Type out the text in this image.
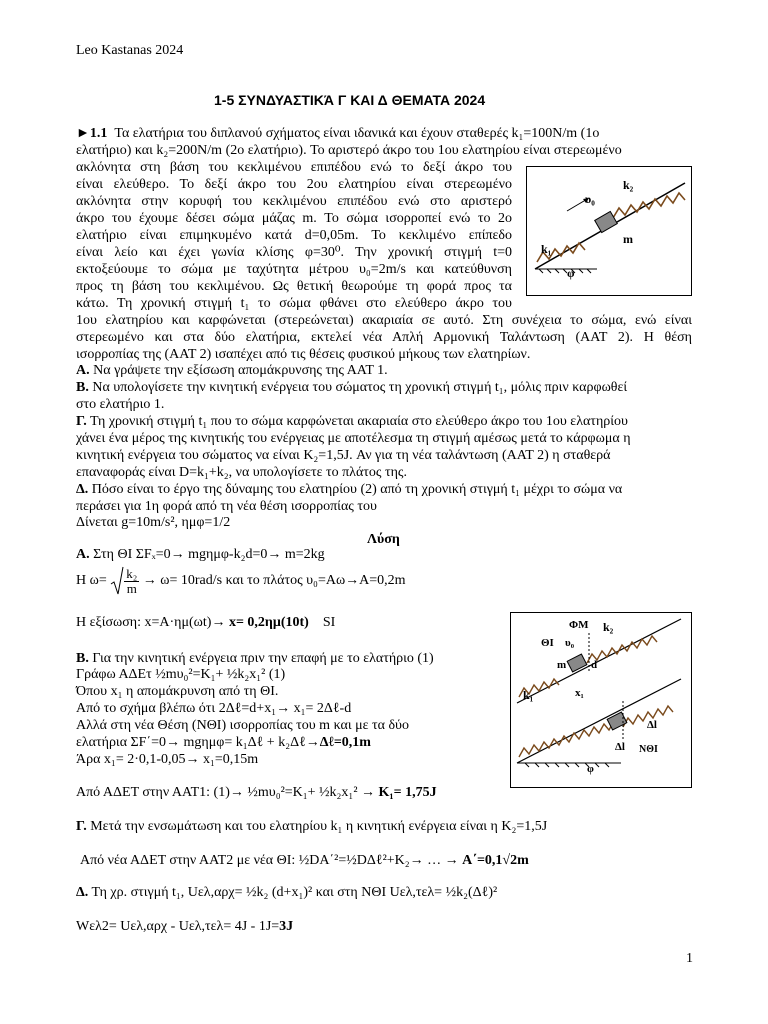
Leo Kastanas 2024
1-5 ΣΥΝΔΥΑΣΤΙΚΆ Γ ΚΑΙ Δ ΘΕΜΑΤΑ 2024
►1.1 Τα ελατήρια του διπλανού σχήματος είναι ιδανικά και έχουν σταθερές k₁=100N/m (1ο
ελατήριο) και k₂=200N/m (2ο ελατήριο). Το αριστερό άκρο του 1ου ελατηρίου είναι στερεωμένο
ακλόνητα στη βάση του κεκλιμένου επιπέδου ενώ το δεξί άκρο του
είναι ελεύθερο. Το δεξί άκρο του 2ου ελατηρίου είναι στερεωμένο
ακλόνητα στην κορυφή του κεκλιμένου επιπέδου ενώ στο αριστερό
άκρο του έχουμε δέσει σώμα μάζας m. Το σώμα ισορροπεί ενώ το 2ο
ελατήριο είναι επιμηκυμένο κατά d=0,05m. Το κεκλιμένο επίπεδο
είναι λείο και έχει γωνία κλίσης φ=30⁰. Την χρονική στιγμή t=0
εκτοξεύουμε το σώμα με ταχύτητα μέτρου υ₀=2m/s και κατεύθυνση
προς τη βάση του κεκλιμένου. Ως θετική θεωρούμε τη φορά προς τα
κάτω. Τη χρονική στιγμή t₁ το σώμα φθάνει στο ελεύθερο άκρο του
1ου ελατηρίου και καρφώνεται (στερεώνεται) ακαριαία σε αυτό. Στη συνέχεια το σώμα, ενώ είναι
στερεωμένο και στα δύο ελατήρια, εκτελεί νέα Απλή Αρμονική Ταλάντωση (ΑΑΤ 2). Η θέση
ισορροπίας της (ΑΑΤ 2) ισαπέχει από τις θέσεις φυσικού μήκους των ελατηρίων.
Α. Να γράψετε την εξίσωση απομάκρυνσης της ΑΑΤ 1.
Β. Να υπολογίσετε την κινητική ενέργεια του σώματος τη χρονική στιγμή t₁, μόλις πριν καρφωθεί
στο ελατήριο 1.
Γ. Τη χρονική στιγμή t₁ που το σώμα καρφώνεται ακαριαία στο ελεύθερο άκρο του 1ου ελατηρίου
χάνει ένα μέρος της κινητικής του ενέργειας με αποτέλεσμα τη στιγμή αμέσως μετά το κάρφωμα η
κινητική ενέργεια του σώματος να είναι K₂=1,5J. Αν για τη νέα ταλάντωση (ΑΑΤ 2) η σταθερά
επαναφοράς είναι D=k₁+k₂, να υπολογίσετε το πλάτος της.
Δ. Πόσο είναι το έργο της δύναμης του ελατηρίου (2) από τη χρονική στιγμή t₁ μέχρι το σώμα να
περάσει για 1η φορά από τη νέα θέση ισορροπίας του
Δίνεται g=10m/s², ημφ=1/2
Λύση
Α. Στη ΘΙ ΣFₓ=0→ mgημφ-k₂d=0→ m=2kg
Η $\omega= \frac{\text{k₂}}{m} \to \omega= 10rad/s$ και το πλάτος υ₀=Αω→Α=0,2m
Η εξίσωση: x=A·ημ(ωt)→ x= 0,2ημ(10t) SI
Β. Για την κινητική ενέργεια πριν την επαφή με το ελατήριο (1)
Γράφω ΑΔΕτ ½mυ₀²=K₁+ ½k₂x₁² (1)
Όπου x₁ η απομάκρυνση από τη ΘΙ.
Από το σχήμα βλέπω ότι 2Δℓ=d+x₁→ x₁= 2Δℓ-d
Αλλά στη νέα Θέση (ΝΘΙ) ισορροπίας του m και με τα δύο
ελατήρια ΣF΄=0→ mgημφ= k₁Δℓ + k₂Δℓ→Δℓ=0,1m
Άρα x₁= 2·0,1-0,05→ x₁=0,15m
Από ΑΔΕΤ στην ΑΑΤ1: (1)→ ½mυ₀²=K₁+ ½k₂x₁² → K₁= 1,75J
Γ. Μετά την ενσωμάτωση και του ελατηρίου k₁ η κινητική ενέργεια είναι η K₂=1,5J
Από νέα ΑΔΕΤ στην ΑΑΤ2 με νέα ΘΙ: ½DA΄²=½DΔℓ²+K₂→ … → A΄=0,1√2m
Δ. Τη χρ. στιγμή t₁, Uελ,αρχ= ½k₂ (d+x₁)² και στη ΝΘΙ Uελ,τελ= ½k₂(Δℓ)²
Wελ2= Uελ,αρχ - Uελ,τελ= 4J - 1J=3J
1
k₂
υ₀
m
k₁
φ
ΦΜ k₂
ΘΙ υ₀
m d
x₁
k₁
Δl
Δl ΝΘΙ
φ
